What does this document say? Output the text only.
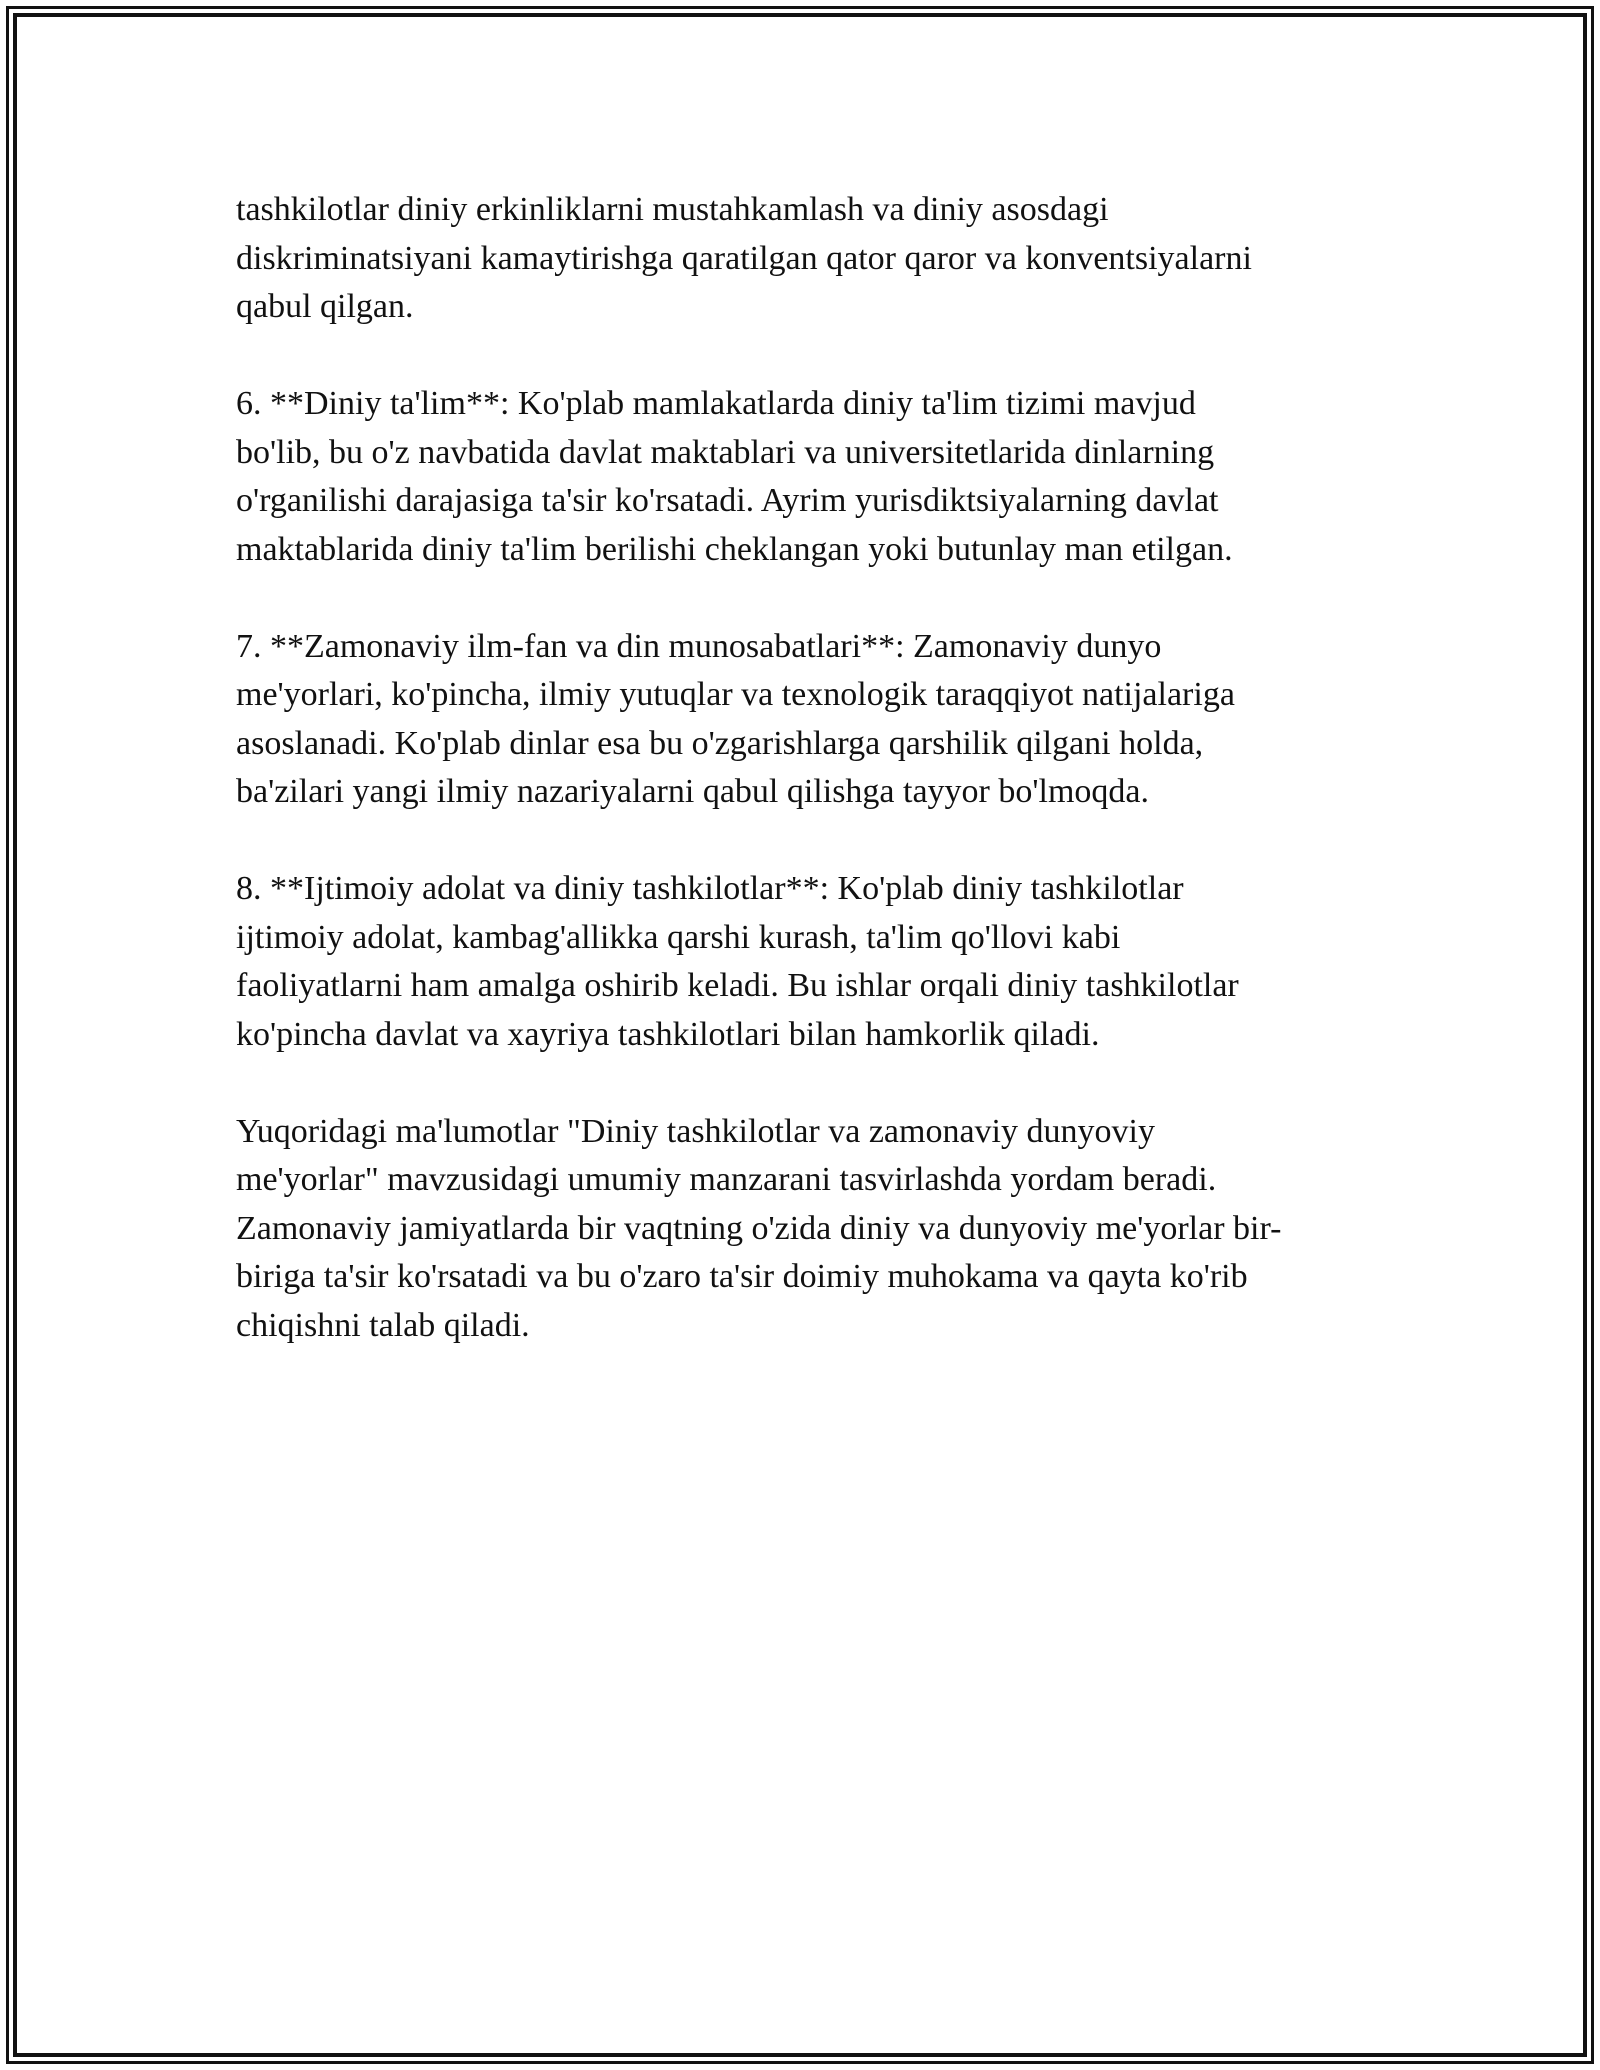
tashkilotlar diniy erkinliklarni mustahkamlash va diniy asosdagi
diskriminatsiyani kamaytirishga qaratilgan qator qaror va konventsiyalarni
qabul qilgan.

6. **Diniy ta'lim**: Ko'plab mamlakatlarda diniy ta'lim tizimi mavjud
bo'lib, bu o'z navbatida davlat maktablari va universitetlarida dinlarning
o'rganilishi darajasiga ta'sir ko'rsatadi. Ayrim yurisdiktsiyalarning davlat
maktablarida diniy ta'lim berilishi cheklangan yoki butunlay man etilgan.

7. **Zamonaviy ilm-fan va din munosabatlari**: Zamonaviy dunyo
me'yorlari, ko'pincha, ilmiy yutuqlar va texnologik taraqqiyot natijalariga
asoslanadi. Ko'plab dinlar esa bu o'zgarishlarga qarshilik qilgani holda,
ba'zilari yangi ilmiy nazariyalarni qabul qilishga tayyor bo'lmoqda.

8. **Ijtimoiy adolat va diniy tashkilotlar**: Ko'plab diniy tashkilotlar
ijtimoiy adolat, kambag'allikka qarshi kurash, ta'lim qo'llovi kabi
faoliyatlarni ham amalga oshirib keladi. Bu ishlar orqali diniy tashkilotlar
ko'pincha davlat va xayriya tashkilotlari bilan hamkorlik qiladi.

Yuqoridagi ma'lumotlar "Diniy tashkilotlar va zamonaviy dunyoviy
me'yorlar" mavzusidagi umumiy manzarani tasvirlashda yordam beradi.
Zamonaviy jamiyatlarda bir vaqtning o'zida diniy va dunyoviy me'yorlar bir-
biriga ta'sir ko'rsatadi va bu o'zaro ta'sir doimiy muhokama va qayta ko'rib
chiqishni talab qiladi.
